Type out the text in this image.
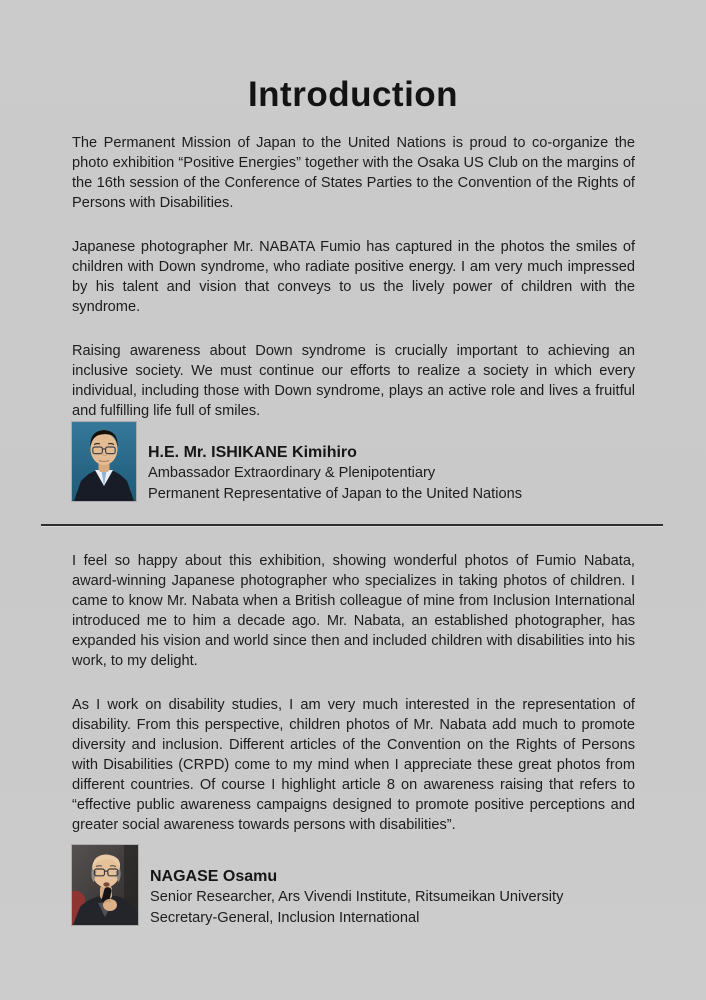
Introduction

The Permanent Mission of Japan to the United Nations is proud to co-organize the photo exhibition “Positive Energies” together with the Osaka US Club on the margins of the 16th session of the Conference of States Parties to the Convention of the Rights of Persons with Disabilities.

Japanese photographer Mr. NABATA Fumio has captured in the photos the smiles of children with Down syndrome, who radiate positive energy. I am very much impressed by his talent and vision that conveys to us the lively power of children with the syndrome.

Raising awareness about Down syndrome is crucially important to achieving an inclusive society. We must continue our efforts to realize a society in which every individual, including those with Down syndrome, plays an active role and lives a fruitful and fulfilling life full of smiles.

H.E. Mr. ISHIKANE Kimihiro
Ambassador Extraordinary & Plenipotentiary
Permanent Representative of Japan to the United Nations

I feel so happy about this exhibition, showing wonderful photos of Fumio Nabata, award-winning Japanese photographer who specializes in taking photos of children. I came to know Mr. Nabata when a British colleague of mine from Inclusion International introduced me to him a decade ago. Mr. Nabata, an established photographer, has expanded his vision and world since then and included children with disabilities into his work, to my delight.

As I work on disability studies, I am very much interested in the representation of disability. From this perspective, children photos of Mr. Nabata add much to promote diversity and inclusion. Different articles of the Convention on the Rights of Persons with Disabilities (CRPD) come to my mind when I appreciate these great photos from different countries. Of course I highlight article 8 on awareness raising that refers to “effective public awareness campaigns designed to promote positive perceptions and greater social awareness towards persons with disabilities”.

NAGASE Osamu
Senior Researcher, Ars Vivendi Institute, Ritsumeikan University
Secretary-General, Inclusion International
